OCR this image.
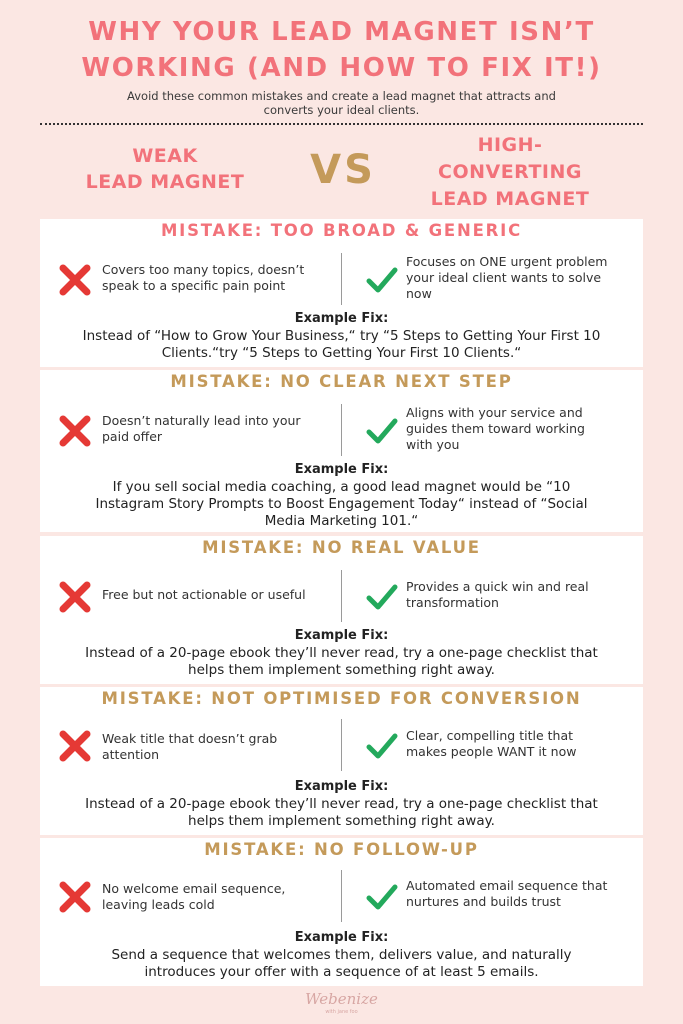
WHY YOUR LEAD MAGNET ISN’T
WORKING (AND HOW TO FIX IT!)
Avoid these common mistakes and create a lead magnet that attracts and
converts your ideal clients.
WEAK
LEAD MAGNET	VS
HIGH-
CONVERTING
LEAD MAGNET
MISTAKE: TOO BROAD & GENERIC
Covers too many topics, doesn’t
speak to a specific pain point
Focuses on ONE urgent problem
your ideal client wants to solve
now
Example Fix:
Instead of “How to Grow Your Business,“ try “5 Steps to Getting Your First 10
Clients.“try “5 Steps to Getting Your First 10 Clients.“
MISTAKE: NO CLEAR NEXT STEP
Doesn’t naturally lead into your
paid offer
Aligns with your service and
guides them toward working
with you
Example Fix:
If you sell social media coaching, a good lead magnet would be “10
Instagram Story Prompts to Boost Engagement Today“ instead of “Social
Media Marketing 101.“
MISTAKE: NO REAL VALUE
Free but not actionable or useful
Provides a quick win and real
transformation
Example Fix:
Instead of a 20-page ebook they’ll never read, try a one-page checklist that
helps them implement something right away.
MISTAKE: NOT OPTIMISED FOR CONVERSION
Weak title that doesn’t grab
attention
Clear, compelling title that
makes people WANT it now
Example Fix:
Instead of a 20-page ebook they’ll never read, try a one-page checklist that
helps them implement something right away.
MISTAKE: NO FOLLOW-UP
No welcome email sequence,
leaving leads cold
Automated email sequence that
nurtures and builds trust
Example Fix:
Send a sequence that welcomes them, delivers value, and naturally
introduces your offer with a sequence of at least 5 emails.
Webenize
with jane foo
